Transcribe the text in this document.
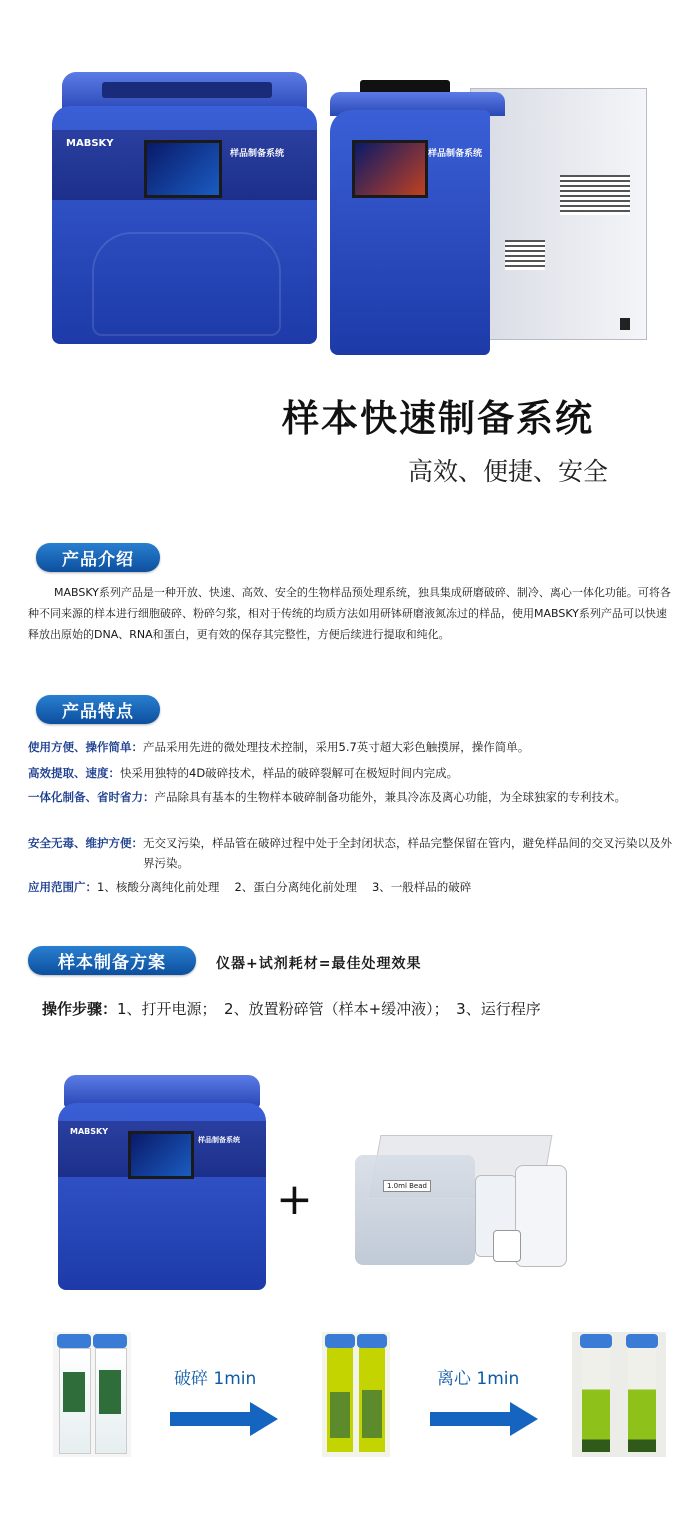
MABSKY
样品制备系统	样品制备系统
样本快速制备系统
高效、便捷、安全
产品介绍
MABSKY系列产品是一种开放、快速、高效、安全的生物样品预处理系统，独具集成研磨破碎、制冷、离心一体化功能。可将各种不同来源的样本进行细胞破碎、粉碎匀浆，相对于传统的均质方法如用研钵研磨液氮冻过的样品，使用MABSKY系列产品可以快速释放出原始的DNA、RNA和蛋白，更有效的保存其完整性，方便后续进行提取和纯化。
产品特点
使用方便、操作简单：产品采用先进的微处理技术控制，采用5.7英寸超大彩色触摸屏，操作简单。
高效提取、速度：快采用独特的4D破碎技术，样品的破碎裂解可在极短时间内完成。
一体化制备、省时省力： 产品除具有基本的生物样本破碎制备功能外，兼具冷冻及离心功能，为全球独家的专利技术。
安全无毒、维护方便： 无交叉污染，样品管在破碎过程中处于全封闭状态，样品完整保留在管内，避免样品间的交叉污染以及外界污染。
应用范围广：1、核酸分离纯化前处理　 2、蛋白分离纯化前处理　 3、一般样品的破碎
样本制备方案	仪器+试剂耗材=最佳处理效果
操作步骤：1、打开电源；　2、放置粉碎管（样本+缓冲液）；　3、运行程序
MABSKY
样品制备系统
+	1.0ml Bead
破碎 1min	离心 1min
